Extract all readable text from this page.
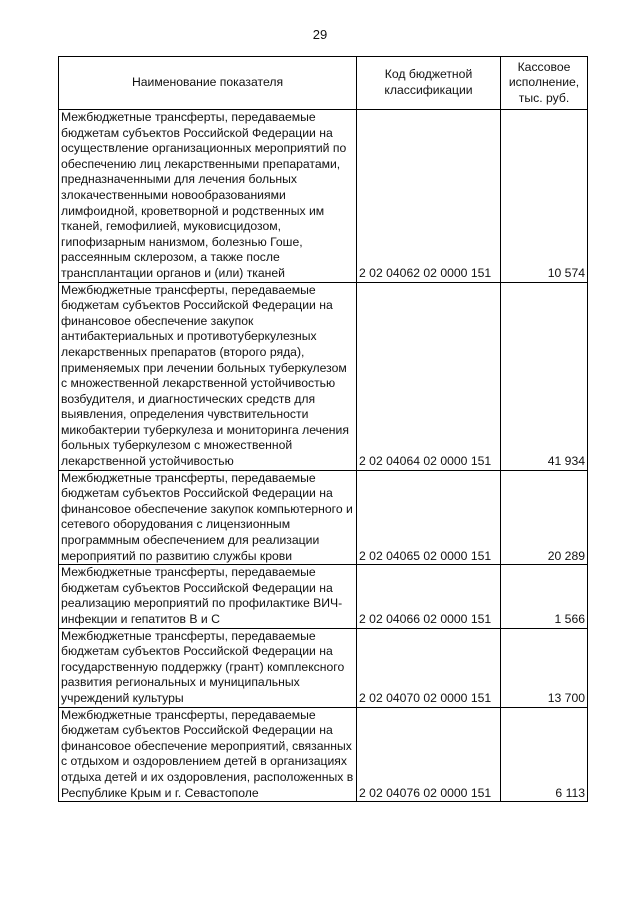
29
Наименование показателя	Код бюджетной классификации	Кассовое исполнение, тыс. руб.
Межбюджетные трансферты, передаваемые бюджетам субъектов Российской Федерации на осуществление организационных мероприятий по обеспечению лиц лекарственными препаратами, предназначенными для лечения больных злокачественными новообразованиями лимфоидной, кроветворной и родственных им тканей, гемофилией, муковисцидозом, гипофизарным нанизмом, болезнью Гоше, рассеянным склерозом, а также после трансплантации органов и (или) тканей	2 02 04062 02 0000 151	10 574
Межбюджетные трансферты, передаваемые бюджетам субъектов Российской Федерации на финансовое обеспечение закупок антибактериальных и противотуберкулезных лекарственных препаратов (второго ряда), применяемых при лечении больных туберкулезом с множественной лекарственной устойчивостью возбудителя, и диагностических средств для выявления, определения чувствительности микобактерии туберкулеза и мониторинга лечения больных туберкулезом с множественной лекарственной устойчивостью	2 02 04064 02 0000 151	41 934
Межбюджетные трансферты, передаваемые бюджетам субъектов Российской Федерации на финансовое обеспечение закупок компьютерного и сетевого оборудования с лицензионным программным обеспечением для реализации мероприятий по развитию службы крови	2 02 04065 02 0000 151	20 289
Межбюджетные трансферты, передаваемые бюджетам субъектов Российской Федерации на реализацию мероприятий по профилактике ВИЧ-инфекции и гепатитов В и С	2 02 04066 02 0000 151	1 566
Межбюджетные трансферты, передаваемые бюджетам субъектов Российской Федерации на государственную поддержку (грант) комплексного развития региональных и муниципальных учреждений культуры	2 02 04070 02 0000 151	13 700
Межбюджетные трансферты, передаваемые бюджетам субъектов Российской Федерации на финансовое обеспечение мероприятий, связанных с отдыхом и оздоровлением детей в организациях отдыха детей и их оздоровления, расположенных в Республике Крым и г. Севастополе	2 02 04076 02 0000 151	6 113
